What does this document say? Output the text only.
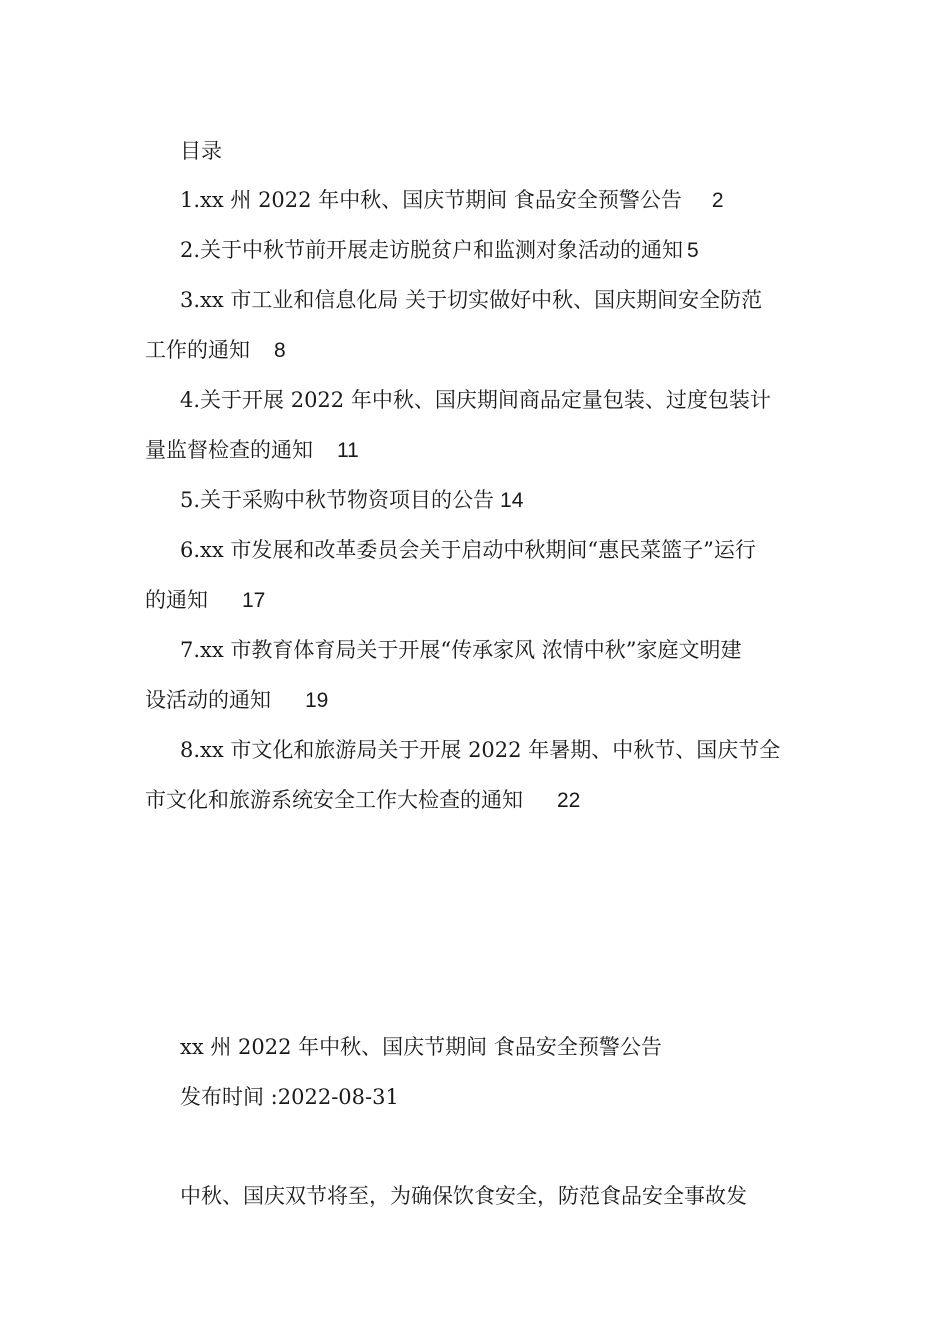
目录
1.xx 州 2022 年中秋、国庆节期间 食品安全预警公告 2
2.关于中秋节前开展走访脱贫户和监测对象活动的通知 5
3.xx 市工业和信息化局 关于切实做好中秋、国庆期间安全防范
工作的通知 8
4.关于开展 2022 年中秋、国庆期间商品定量包装、过度包装计
量监督检查的通知 11
5.关于采购中秋节物资项目的公告 14
6.xx 市发展和改革委员会关于启动中秋期间“惠民菜篮子”运行
的通知 17
7.xx 市教育体育局关于开展“传承家风 浓情中秋”家庭文明建
设活动的通知 19
8.xx 市文化和旅游局关于开展 2022 年暑期、中秋节、国庆节全
市文化和旅游系统安全工作大检查的通知 22
xx 州 2022 年中秋、国庆节期间 食品安全预警公告
发布时间 :2022-08-31
中秋、国庆双节将至，为确保饮食安全，防范食品安全事故发
